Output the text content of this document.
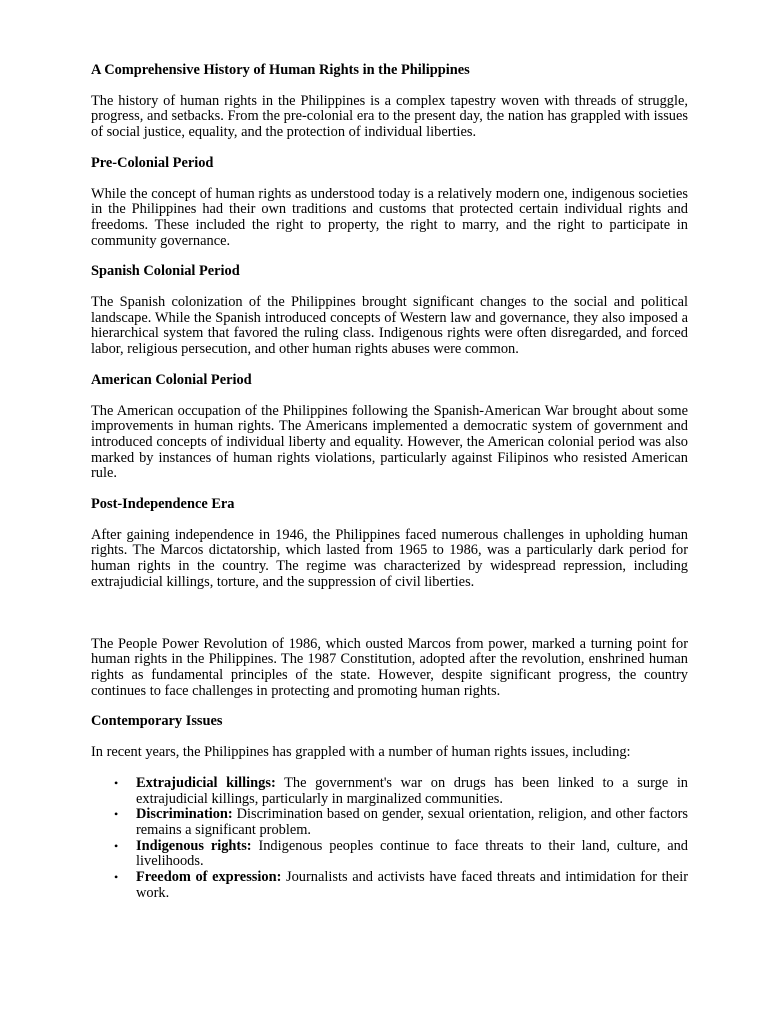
A Comprehensive History of Human Rights in the Philippines

The history of human rights in the Philippines is a complex tapestry woven with threads of struggle, progress, and setbacks. From the pre-colonial era to the present day, the nation has grappled with issues of social justice, equality, and the protection of individual liberties.

Pre-Colonial Period

While the concept of human rights as understood today is a relatively modern one, indigenous societies in the Philippines had their own traditions and customs that protected certain individual rights and freedoms. These included the right to property, the right to marry, and the right to participate in community governance.

Spanish Colonial Period

The Spanish colonization of the Philippines brought significant changes to the social and political landscape. While the Spanish introduced concepts of Western law and governance, they also imposed a hierarchical system that favored the ruling class. Indigenous rights were often disregarded, and forced labor, religious persecution, and other human rights abuses were common.

American Colonial Period

The American occupation of the Philippines following the Spanish-American War brought about some improvements in human rights. The Americans implemented a democratic system of government and introduced concepts of individual liberty and equality. However, the American colonial period was also marked by instances of human rights violations, particularly against Filipinos who resisted American rule.

Post-Independence Era

After gaining independence in 1946, the Philippines faced numerous challenges in upholding human rights. The Marcos dictatorship, which lasted from 1965 to 1986, was a particularly dark period for human rights in the country. The regime was characterized by widespread repression, including extrajudicial killings, torture, and the suppression of civil liberties.

The People Power Revolution of 1986, which ousted Marcos from power, marked a turning point for human rights in the Philippines. The 1987 Constitution, adopted after the revolution, enshrined human rights as fundamental principles of the state. However, despite significant progress, the country continues to face challenges in protecting and promoting human rights.

Contemporary Issues

In recent years, the Philippines has grappled with a number of human rights issues, including:

• Extrajudicial killings: The government's war on drugs has been linked to a surge in extrajudicial killings, particularly in marginalized communities.
• Discrimination: Discrimination based on gender, sexual orientation, religion, and other factors remains a significant problem.
• Indigenous rights: Indigenous peoples continue to face threats to their land, culture, and livelihoods.
• Freedom of expression: Journalists and activists have faced threats and intimidation for their work.
